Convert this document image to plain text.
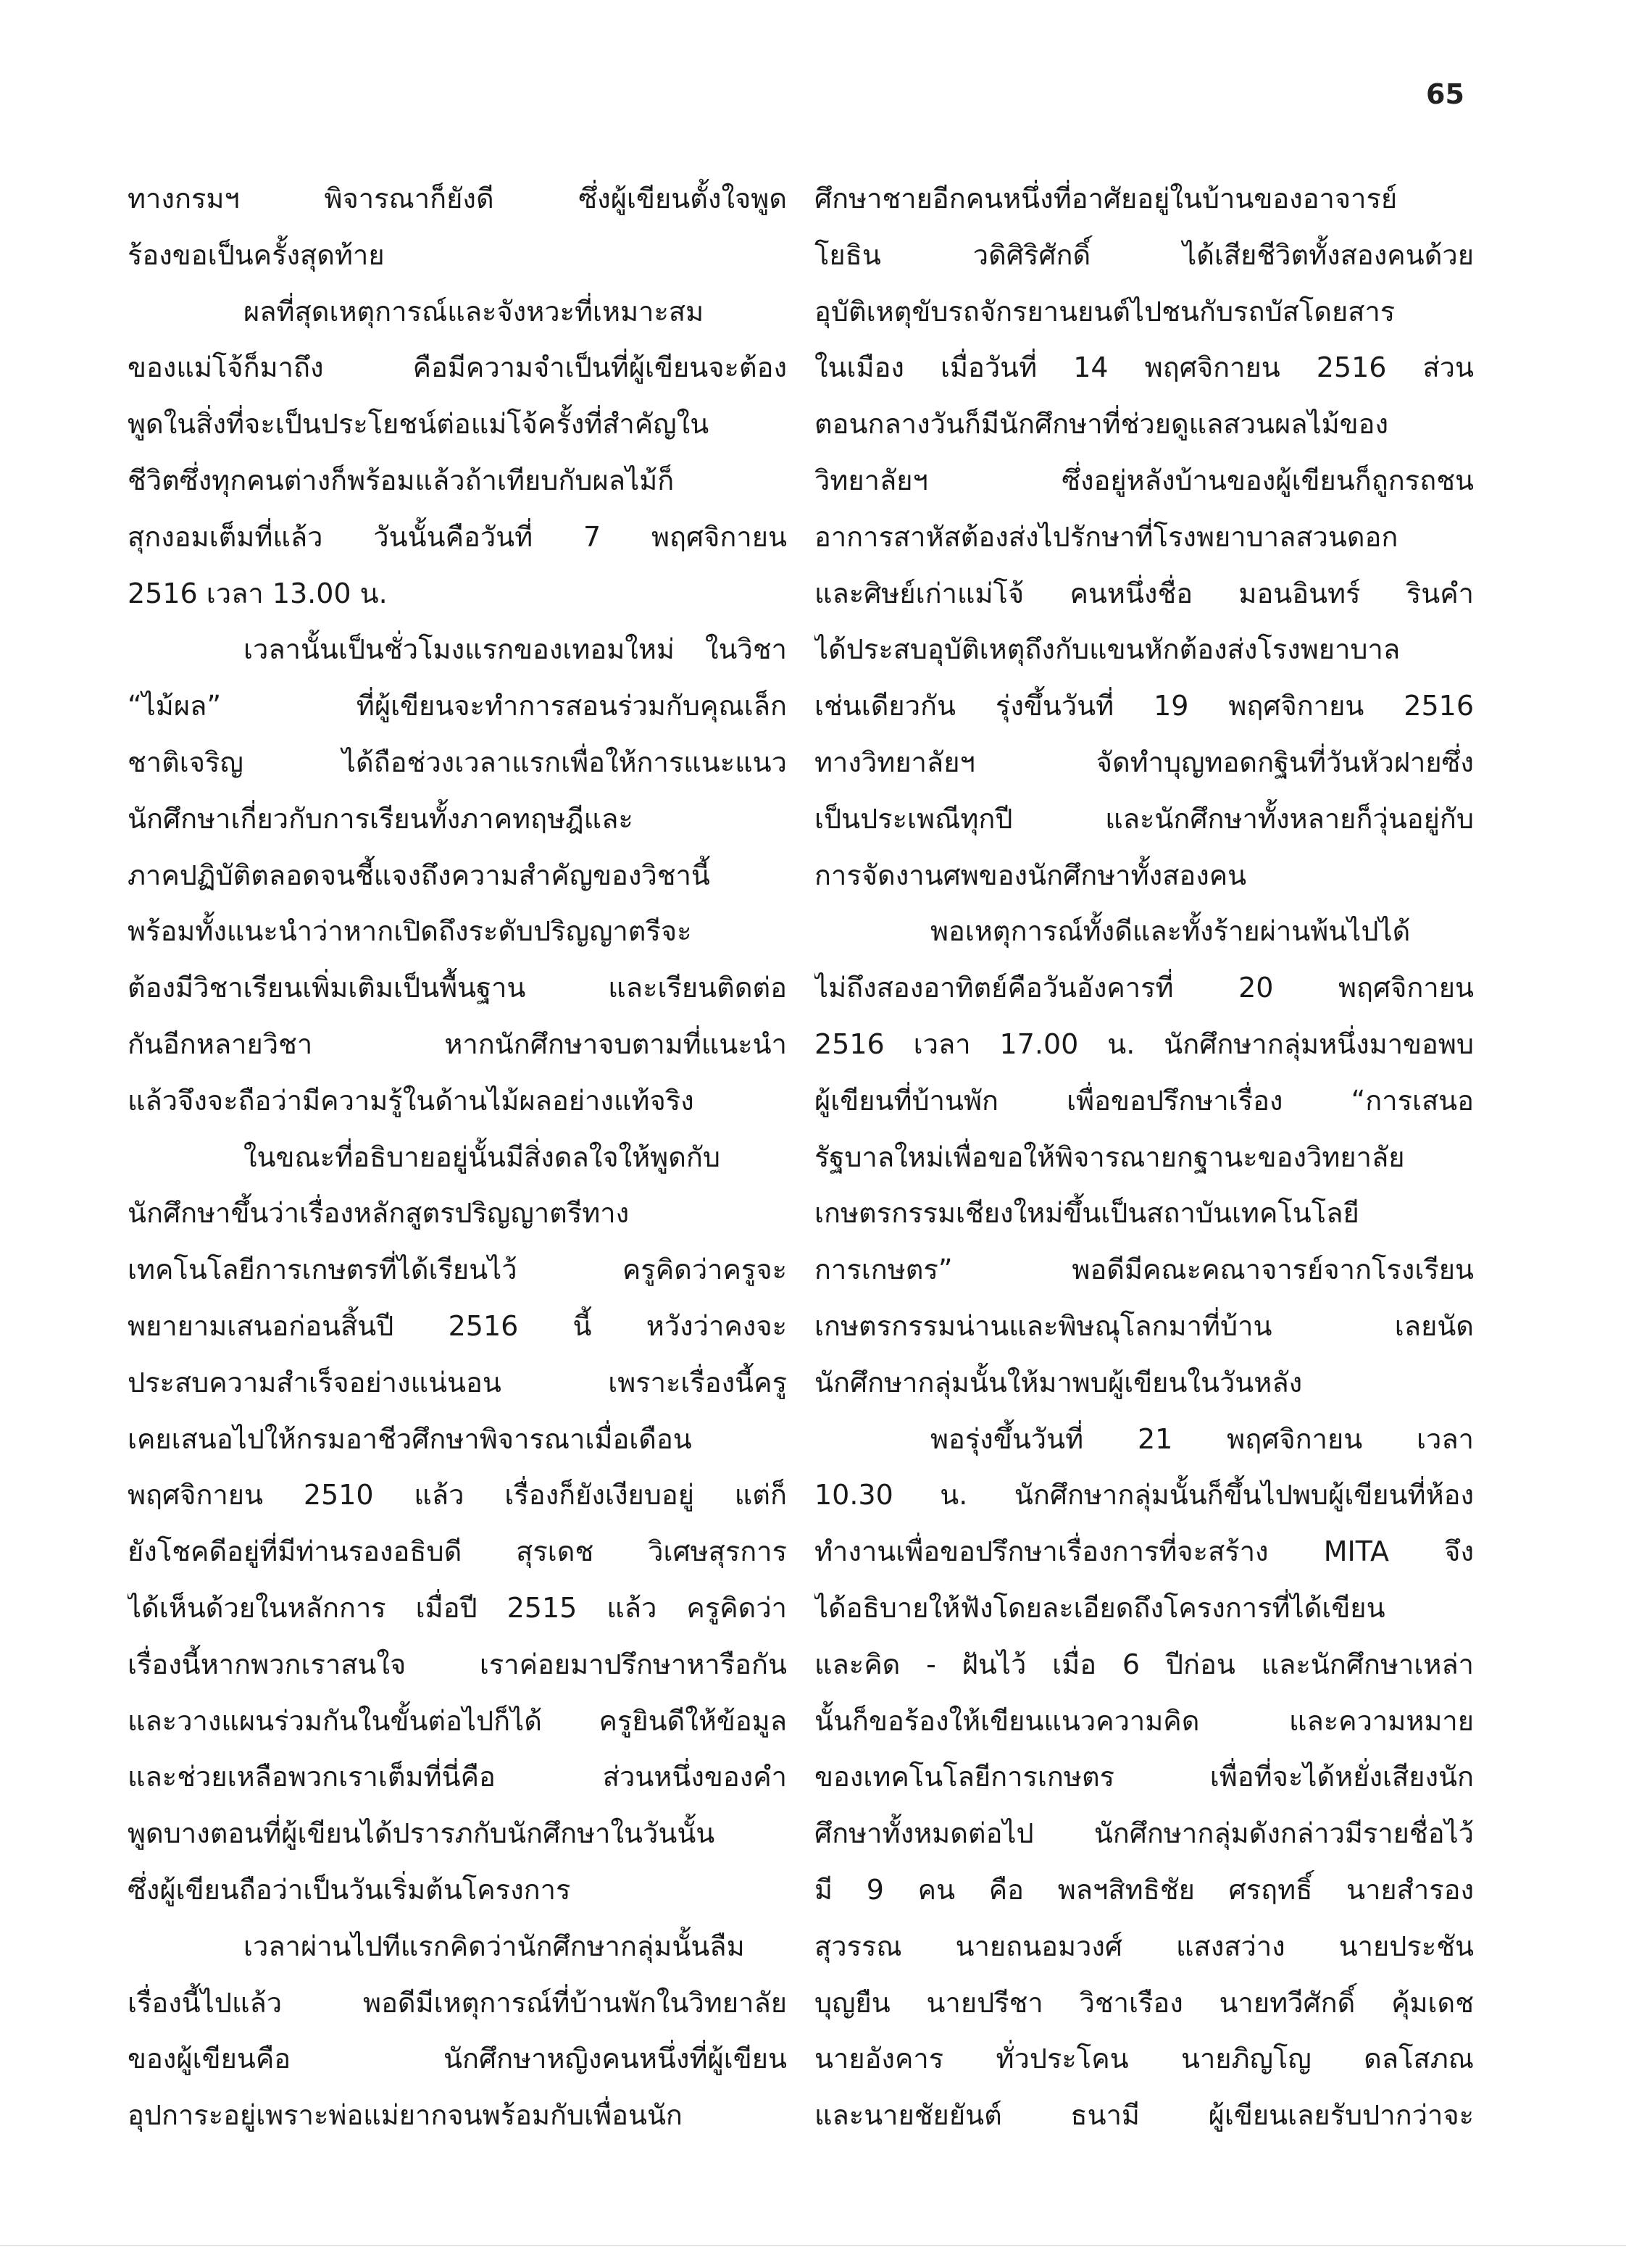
65
ทางกรมฯ พิจารณาก็ยังดี ซึ่งผู้เขียนตั้งใจพูด
ร้องขอเป็นครั้งสุดท้าย
ผลที่สุดเหตุการณ์และจังหวะที่เหมาะสม
ของแม่โจ้ก็มาถึง คือมีความจำเป็นที่ผู้เขียนจะต้อง
พูดในสิ่งที่จะเป็นประโยชน์ต่อแม่โจ้ครั้งที่สำคัญใน
ชีวิตซึ่งทุกคนต่างก็พร้อมแล้วถ้าเทียบกับผลไม้ก็
สุกงอมเต็มที่แล้ว วันนั้นคือวันที่ 7 พฤศจิกายน
2516 เวลา 13.00 น.
เวลานั้นเป็นชั่วโมงแรกของเทอมใหม่ ในวิชา
“ไม้ผล” ที่ผู้เขียนจะทำการสอนร่วมกับคุณเล็ก
ชาติเจริญ ได้ถือช่วงเวลาแรกเพื่อให้การแนะแนว
นักศึกษาเกี่ยวกับการเรียนทั้งภาคทฤษฎีและ
ภาคปฏิบัติตลอดจนชี้แจงถึงความสำคัญของวิชานี้
พร้อมทั้งแนะนำว่าหากเปิดถึงระดับปริญญาตรีจะ
ต้องมีวิชาเรียนเพิ่มเติมเป็นพื้นฐาน และเรียนติดต่อ
กันอีกหลายวิชา หากนักศึกษาจบตามที่แนะนำ
แล้วจึงจะถือว่ามีความรู้ในด้านไม้ผลอย่างแท้จริง
ในขณะที่อธิบายอยู่นั้นมีสิ่งดลใจให้พูดกับ
นักศึกษาขึ้นว่าเรื่องหลักสูตรปริญญาตรีทาง
เทคโนโลยีการเกษตรที่ได้เรียนไว้ ครูคิดว่าครูจะ
พยายามเสนอก่อนสิ้นปี 2516 นี้ หวังว่าคงจะ
ประสบความสำเร็จอย่างแน่นอน เพราะเรื่องนี้ครู
เคยเสนอไปให้กรมอาชีวศึกษาพิจารณาเมื่อเดือน
พฤศจิกายน 2510 แล้ว เรื่องก็ยังเงียบอยู่ แต่ก็
ยังโชคดีอยู่ที่มีท่านรองอธิบดี สุรเดช วิเศษสุรการ
ได้เห็นด้วยในหลักการ เมื่อปี 2515 แล้ว ครูคิดว่า
เรื่องนี้หากพวกเราสนใจ เราค่อยมาปรึกษาหารือกัน
และวางแผนร่วมกันในขั้นต่อไปก็ได้ ครูยินดีให้ข้อมูล
และช่วยเหลือพวกเราเต็มที่นี่คือ ส่วนหนึ่งของคำ
พูดบางตอนที่ผู้เขียนได้ปรารภกับนักศึกษาในวันนั้น
ซึ่งผู้เขียนถือว่าเป็นวันเริ่มต้นโครงการ
เวลาผ่านไปทีแรกคิดว่านักศึกษากลุ่มนั้นลืม
เรื่องนี้ไปแล้ว พอดีมีเหตุการณ์ที่บ้านพักในวิทยาลัย
ของผู้เขียนคือ นักศึกษาหญิงคนหนึ่งที่ผู้เขียน
อุปการะอยู่เพราะพ่อแม่ยากจนพร้อมกับเพื่อนนัก
ศึกษาชายอีกคนหนึ่งที่อาศัยอยู่ในบ้านของอาจารย์
โยธิน วดิศิริศักดิ์ ได้เสียชีวิตทั้งสองคนด้วย
อุบัติเหตุขับรถจักรยานยนต์ไปชนกับรถบัสโดยสาร
ในเมือง เมื่อวันที่ 14 พฤศจิกายน 2516 ส่วน
ตอนกลางวันก็มีนักศึกษาที่ช่วยดูแลสวนผลไม้ของ
วิทยาลัยฯ ซึ่งอยู่หลังบ้านของผู้เขียนก็ถูกรถชน
อาการสาหัสต้องส่งไปรักษาที่โรงพยาบาลสวนดอก
และศิษย์เก่าแม่โจ้ คนหนึ่งชื่อ มอนอินทร์ รินคำ
ได้ประสบอุบัติเหตุถึงกับแขนหักต้องส่งโรงพยาบาล
เช่นเดียวกัน รุ่งขึ้นวันที่ 19 พฤศจิกายน 2516
ทางวิทยาลัยฯ จัดทำบุญทอดกฐินที่วันหัวฝายซึ่ง
เป็นประเพณีทุกปี และนักศึกษาทั้งหลายก็วุ่นอยู่กับ
การจัดงานศพของนักศึกษาทั้งสองคน
พอเหตุการณ์ทั้งดีและทั้งร้ายผ่านพ้นไปได้
ไม่ถึงสองอาทิตย์คือวันอังคารที่ 20 พฤศจิกายน
2516 เวลา 17.00 น. นักศึกษากลุ่มหนึ่งมาขอพบ
ผู้เขียนที่บ้านพัก เพื่อขอปรึกษาเรื่อง “การเสนอ
รัฐบาลใหม่เพื่อขอให้พิจารณายกฐานะของวิทยาลัย
เกษตรกรรมเชียงใหม่ขึ้นเป็นสถาบันเทคโนโลยี
การเกษตร” พอดีมีคณะคณาจารย์จากโรงเรียน
เกษตรกรรมน่านและพิษณุโลกมาที่บ้าน เลยนัด
นักศึกษากลุ่มนั้นให้มาพบผู้เขียนในวันหลัง
พอรุ่งขึ้นวันที่ 21 พฤศจิกายน เวลา
10.30 น. นักศึกษากลุ่มนั้นก็ขึ้นไปพบผู้เขียนที่ห้อง
ทำงานเพื่อขอปรึกษาเรื่องการที่จะสร้าง MITA จึง
ได้อธิบายให้ฟังโดยละเอียดถึงโครงการที่ได้เขียน
และคิด - ฝันไว้ เมื่อ 6 ปีก่อน และนักศึกษาเหล่า
นั้นก็ขอร้องให้เขียนแนวความคิด และความหมาย
ของเทคโนโลยีการเกษตร เพื่อที่จะได้หยั่งเสียงนัก
ศึกษาทั้งหมดต่อไป นักศึกษากลุ่มดังกล่าวมีรายชื่อไว้
มี 9 คน คือ พลฯสิทธิชัย ศรฤทธิ์ นายสำรอง
สุวรรณ นายถนอมวงศ์ แสงสว่าง นายประชัน
บุญยืน นายปรีชา วิชาเรือง นายทวีศักดิ์ คุ้มเดช
นายอังคาร ทั่วประโคน นายภิญโญ ดลโสภณ
และนายชัยยันต์ ธนามี ผู้เขียนเลยรับปากว่าจะ
